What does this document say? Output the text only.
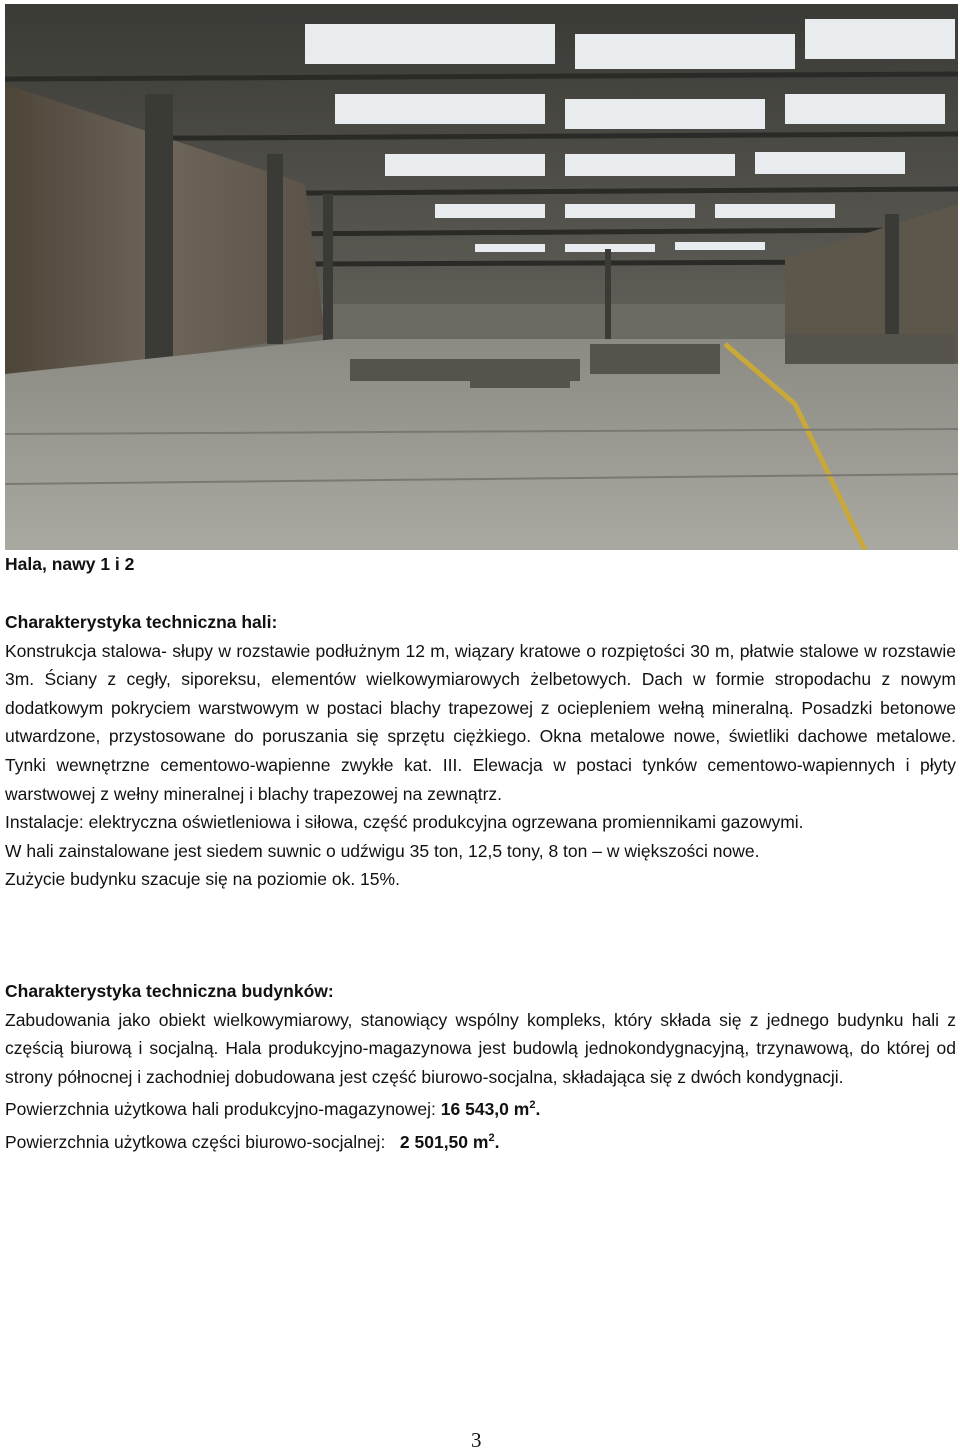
Hala, nawy 1 i 2

Charakterystyka techniczna hali:

Konstrukcja stalowa- słupy w rozstawie podłużnym 12 m, wiązary kratowe o rozpiętości 30 m, płatwie stalowe w rozstawie 3m. Ściany z cegły, siporeksu, elementów wielkowymiarowych żelbetowych. Dach w formie stropodachu z nowym dodatkowym pokryciem warstwowym w postaci blachy trapezowej z ociepleniem wełną mineralną. Posadzki betonowe utwardzone, przystosowane do poruszania się sprzętu ciężkiego. Okna metalowe nowe, świetliki dachowe metalowe. Tynki wewnętrzne cementowo-wapienne zwykłe kat. III. Elewacja w postaci tynków cementowo-wapiennych i płyty warstwowej z wełny mineralnej i blachy trapezowej na zewnątrz.

Instalacje: elektryczna oświetleniowa i siłowa, część produkcyjna ogrzewana promiennikami gazowymi.

W hali zainstalowane jest siedem suwnic o udźwigu 35 ton, 12,5 tony, 8 ton – w większości nowe.

Zużycie budynku szacuje się na poziomie ok. 15%.

Charakterystyka techniczna budynków:

Zabudowania jako obiekt wielkowymiarowy, stanowiący wspólny kompleks, który składa się z jednego budynku hali z częścią biurową i socjalną. Hala produkcyjno-magazynowa jest budowlą jednokondygnacyjną, trzynawową, do której od strony północnej i zachodniej dobudowana jest część biurowo-socjalna, składająca się z dwóch kondygnacji.

Powierzchnia użytkowa hali produkcyjno-magazynowej: 16 543,0 $m^2$.

Powierzchnia użytkowa części biurowo-socjalnej: 2 501,50 $m^2$.

3
